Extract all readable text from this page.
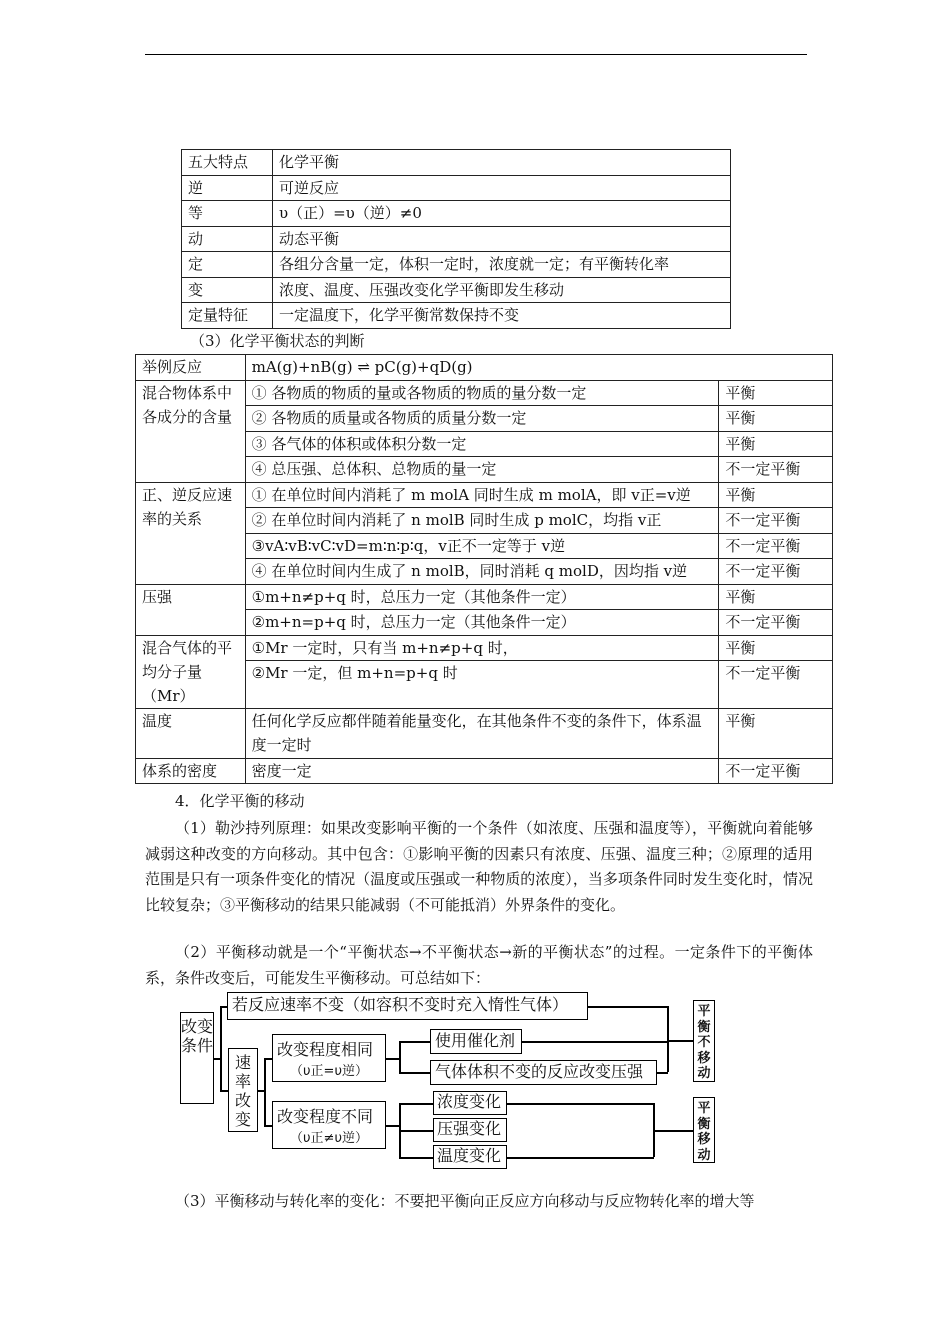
五大特点	化学平衡
逆	可逆反应
等	υ（正）=υ（逆）≠0
动	动态平衡
定	各组分含量一定，体积一定时，浓度就一定；有平衡转化率
变	浓度、温度、压强改变化学平衡即发生移动
定量特征	一定温度下，化学平衡常数保持不变
（3）化学平衡状态的判断
举例反应	mA(g)+nB(g) ⇌ pC(g)+qD(g)	
混合物体系中各成分的含量	① 各物质的物质的量或各物质的物质的量分数一定	平衡
	② 各物质的质量或各物质的质量分数一定	平衡
	③ 各气体的体积或体积分数一定	平衡
	④ 总压强、总体积、总物质的量一定	不一定平衡
正、逆反应速率的关系	① 在单位时间内消耗了 m molA 同时生成 m molA，即 v正=v逆	平衡
	② 在单位时间内消耗了 n molB 同时生成 p molC，均指 v正	不一定平衡
	③vA∶vB∶vC∶vD=m∶n∶p∶q，v正不一定等于 v逆	不一定平衡
	④ 在单位时间内生成了 n molB，同时消耗 q molD，因均指 v逆	不一定平衡
压强	①m+n≠p+q 时，总压力一定（其他条件一定）	平衡
	②m+n=p+q 时，总压力一定（其他条件一定）	不一定平衡
混合气体的平均分子量（Mr）	①Mr 一定时，只有当 m+n≠p+q 时，	平衡
	②Mr 一定，但 m+n=p+q 时	不一定平衡
温度	任何化学反应都伴随着能量变化，在其他条件不变的条件下，体系温度一定时	平衡
体系的密度	密度一定	不一定平衡
4．化学平衡的移动

（1）勒沙持列原理：如果改变影响平衡的一个条件（如浓度、压强和温度等），平衡就向着能够减弱这种改变的方向移动。其中包含：①影响平衡的因素只有浓度、压强、温度三种；②原理的适用范围是只有一项条件变化的情况（温度或压强或一种物质的浓度），当多项条件同时发生变化时，情况比较复杂；③平衡移动的结果只能减弱（不可能抵消）外界条件的变化。

（2）平衡移动就是一个“平衡状态→不平衡状态→新的平衡状态”的过程。一定条件下的平衡体系，条件改变后，可能发生平衡移动。可总结如下：

改变条件
若反应速率不变（如容积不变时充入惰性气体）
速率改变
改变程度相同
（υ正=υ逆）
改变程度不同
（υ正≠υ逆）
使用催化剂
气体体积不变的反应改变压强
浓度变化
压强变化
温度变化
平衡不移动
平衡移动

（3）平衡移动与转化率的变化：不要把平衡向正反应方向移动与反应物转化率的增大等
